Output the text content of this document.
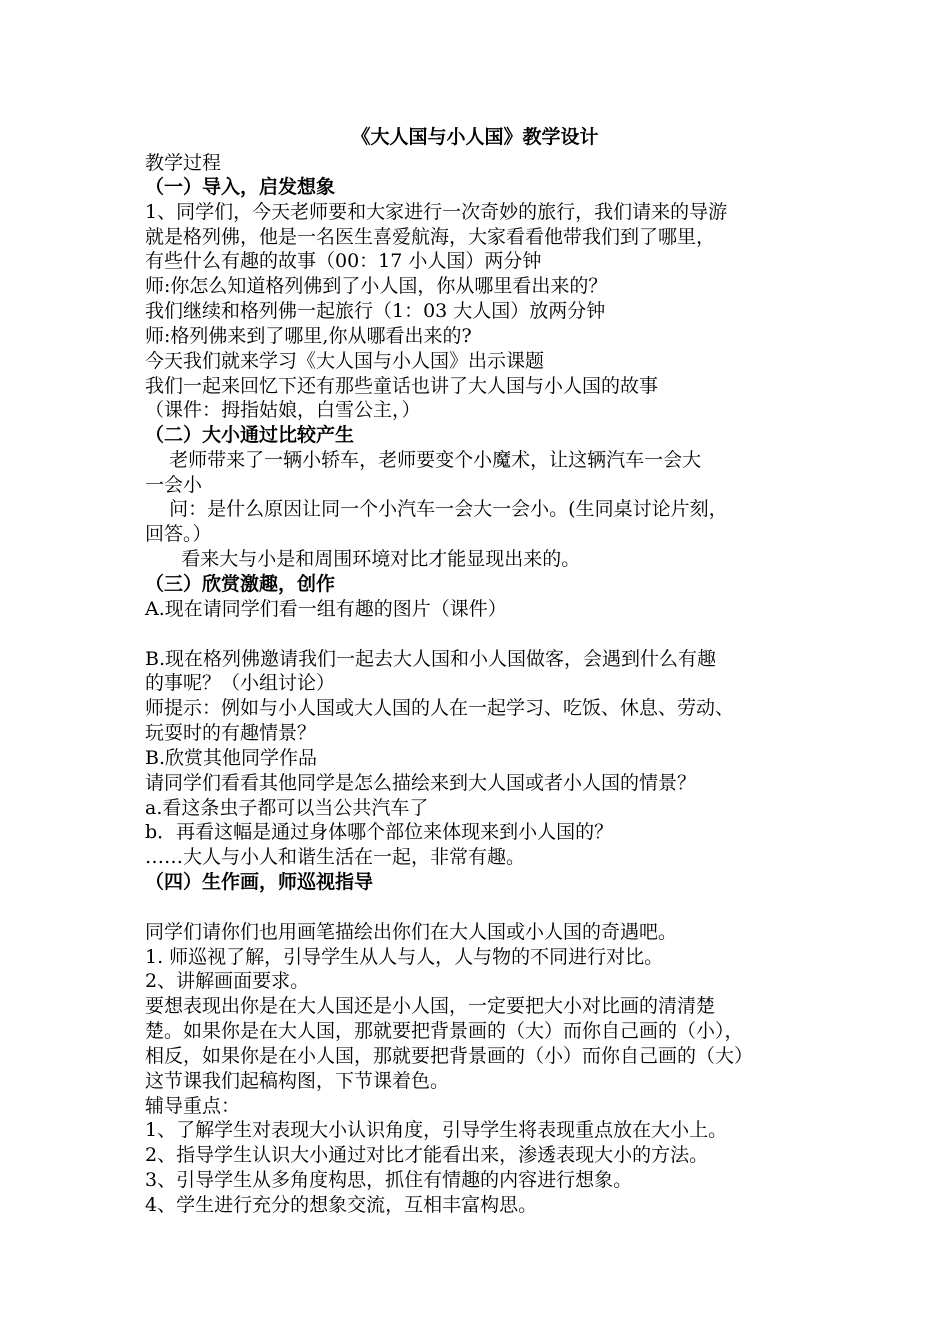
《大人国与小人国》教学设计
教学过程
（一）导入，启发想象
1、同学们，今天老师要和大家进行一次奇妙的旅行，我们请来的导游
就是格列佛，他是一名医生喜爱航海，大家看看他带我们到了哪里，
有些什么有趣的故事（00：17 小人国）两分钟
师:你怎么知道格列佛到了小人国，你从哪里看出来的？
我们继续和格列佛一起旅行（1：03 大人国）放两分钟
师:格列佛来到了哪里,你从哪看出来的?
今天我们就来学习《大人国与小人国》出示课题
我们一起来回忆下还有那些童话也讲了大人国与小人国的故事
（课件：拇指姑娘，白雪公主，）
（二）大小通过比较产生
老师带来了一辆小轿车，老师要变个小魔术，让这辆汽车一会大
一会小
问：是什么原因让同一个小汽车一会大一会小。(生同桌讨论片刻，
回答。）
看来大与小是和周围环境对比才能显现出来的。
（三）欣赏激趣，创作
A.现在请同学们看一组有趣的图片（课件）
B.现在格列佛邀请我们一起去大人国和小人国做客，会遇到什么有趣
的事呢？（小组讨论）
师提示：例如与小人国或大人国的人在一起学习、吃饭、休息、劳动、
玩耍时的有趣情景？
B.欣赏其他同学作品
请同学们看看其他同学是怎么描绘来到大人国或者小人国的情景？
a.看这条虫子都可以当公共汽车了
b．再看这幅是通过身体哪个部位来体现来到小人国的？
……大人与小人和谐生活在一起，非常有趣。
（四）生作画，师巡视指导
同学们请你们也用画笔描绘出你们在大人国或小人国的奇遇吧。
1. 师巡视了解，引导学生从人与人，人与物的不同进行对比。
2、讲解画面要求。
要想表现出你是在大人国还是小人国，一定要把大小对比画的清清楚
楚。如果你是在大人国，那就要把背景画的（大）而你自己画的（小），
相反，如果你是在小人国，那就要把背景画的（小）而你自己画的（大）
这节课我们起稿构图，下节课着色。
辅导重点：
1、了解学生对表现大小认识角度，引导学生将表现重点放在大小上。
2、指导学生认识大小通过对比才能看出来，渗透表现大小的方法。
3、引导学生从多角度构思，抓住有情趣的内容进行想象。
4、学生进行充分的想象交流，互相丰富构思。
